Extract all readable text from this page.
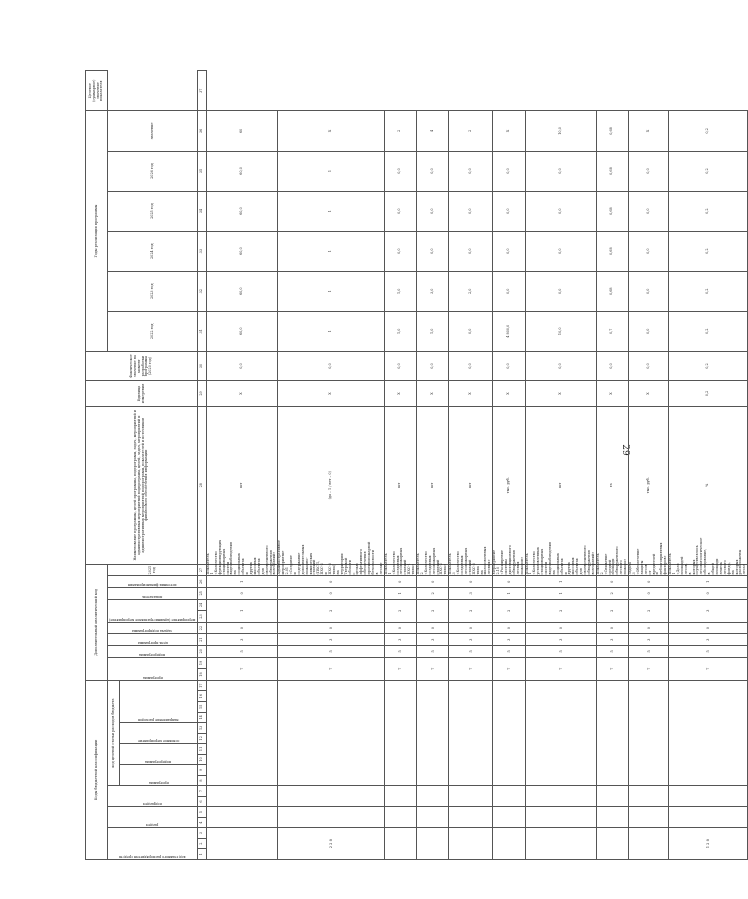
29
Коды бюджетной классификации																	Дополнительный аналитический код										Наименование программы, целей программы, подпрограмм, задач, мероприятий и административных мероприятий подпрограмм, целей, задач, мероприятий и административных мероприятий подпрограмм, показателей и источников финансового обеспечения информации	Единица измерения	Фактическое значение на момент разработки программы (2020 год)	Годы реализации программы						Целевое (суммарное) значение показателя

код главного распорядителя средств			раздел		подраздел		код целевой статьи расходов бюджета										программа		подпрограмма	цель программы	задача подпрограммы	мероприятие (административное мероприятие)		показатель	источник финансирования	2021 год				2022 год	2023 год	2024 год	2025 год	2026 год	значение	

							программа		подпрограмма		основное мероприятие		направление расходов																							

1	2	3	4	5	6	7	8	9	10	11	12	13	14	15	16	17	18	19	20	21	22	23	24	25	26	27	28	29	30	31	32	33	34	35	36	37
																	7		5	3	0	1		0	1	Показатель 1 «Количество функционирующих стационарных систем видеонаблюдения на социальных объектах и других массовых объектах для своевременного обнаружения возгораний»	шт	X	0,0	60,0	60,0	60,0	60,0	60,0	60	
2 2 8																	7		5	3	0	2		0	0	Административное мероприятие 2.01 «Создание и содержание дополнительных пожарно-химических станций (ПХС-1, ПХС-2 и ПХС-3 типа) на территории Тверской области с целью эффективного обеспечения противопожарной безопасности в лесах»	(да – 1 / нет – 0)	X	0,0	1	1	1	1	1	X	
																	7		5	3	0	2		1	0	Показатель 1 «Количество созданных лесопожарных станций ПХС-1 типа»	шт	X	0,0	1,0	1,0	0,0	0,0	0,0	2	
																	7		5	3	0	2		2	0	Показатель 2 «Количество созданных лесопожарных станций ПХС-2 типа»	шт	X	0,0	1,0	3,0	0,0	0,0	0,0	4	
																	7		5	3	0	2		3	0	Показатель 3 «Количество созданных лесопожарных станций ПХС-3 типа на малоосвоенных лесных»	шт	X	0,0	0,0	2,0	0,0	0,0	0,0	2	
																	7		5	3	0	2		1	0	Мероприятие 2.10 «Расширение системы дистанционного обнаружения лесных пожаров»	тыс. руб.	X	0,0	4 800,0	0,0	0,0	0,0	0,0	X	
																	7		5	3	0	2		1	1	Показатель 1 «Количество установленных стационарных систем видеонаблюдения на социальных объектах и других массовых объектах для своевременного обнаружения возгораний»	шт	X	0,0	10,0	0,0	0,0	0,0	0,0	10,0	
																	7		5	3	0	2		2	0	Показатель 2 «Снижение средней площади обнаруженного лесного пожара»	га	X	0,0	0,7	0,68	0,68	0,68	0,68	0,68	
																	7		5	3	0	2		0	0	Задача 3 «Обеспечение защиты лесов от вредителей и неблагоприятных факторов»	тыс. руб.	X	0,0	0,0	0,0	0,0	0,0	0,0	X	
1 2 8																	7		5	3	0	3		0	1	Показатель 1 «Доля площадей лесов, в которых осуществлялось лесопатологическое обследование, в общей площади земель лесного фонда, на которых расположены леса»	%	0,2	0,2	0,2	0,2	0,2	0,2	0,2	0,2	
